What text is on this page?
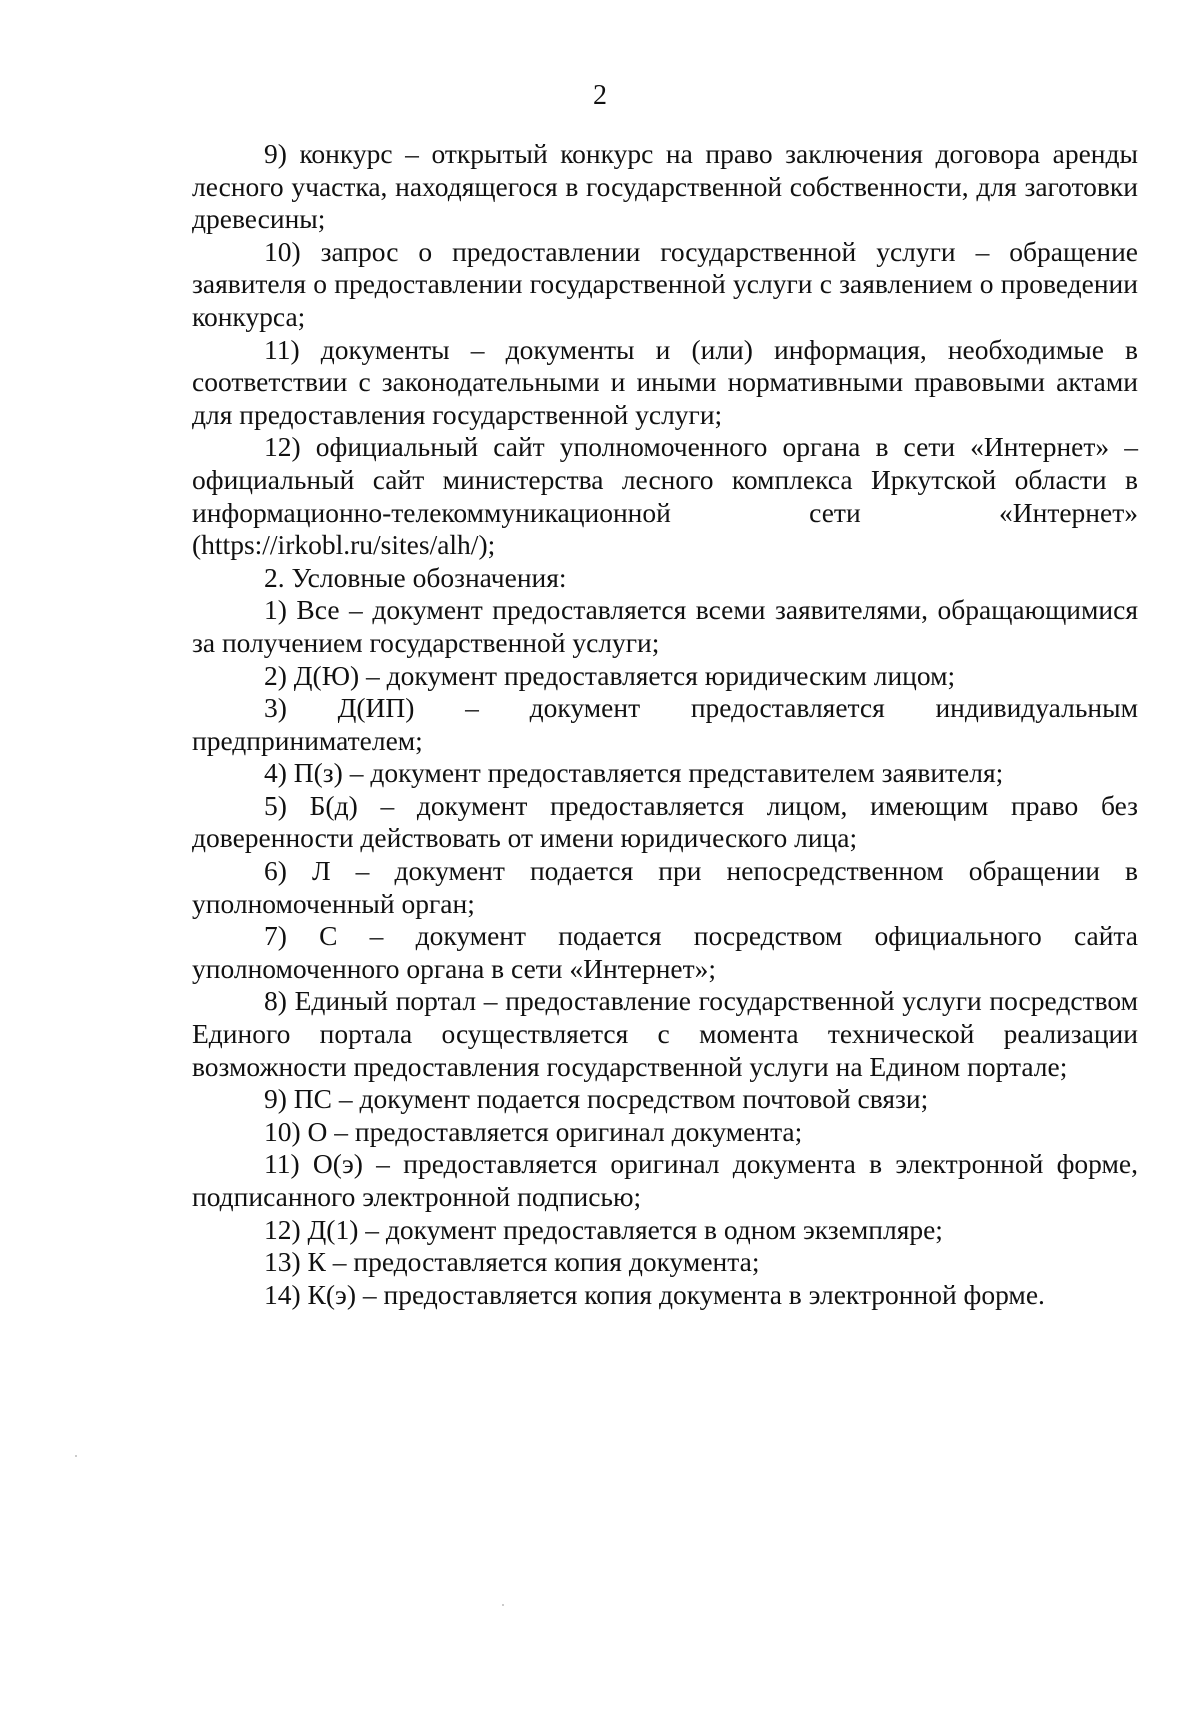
2

9) конкурс – открытый конкурс на право заключения договора аренды лесного участка, находящегося в государственной собственности, для заготовки древесины;

10) запрос о предоставлении государственной услуги – обращение заявителя о предоставлении государственной услуги с заявлением о проведении конкурса;

11) документы – документы и (или) информация, необходимые в соответствии с законодательными и иными нормативными правовыми актами для предоставления государственной услуги;

12) официальный сайт уполномоченного органа в сети «Интернет» – официальный сайт министерства лесного комплекса Иркутской области в информационно-телекоммуникационной сети «Интернет» (https://irkobl.ru/sites/alh/);

2. Условные обозначения:

1) Все – документ предоставляется всеми заявителями, обращающимися за получением государственной услуги;

2) Д(Ю) – документ предоставляется юридическим лицом;

3) Д(ИП) – документ предоставляется индивидуальным предпринимателем;

4) П(з) – документ предоставляется представителем заявителя;

5) Б(д) – документ предоставляется лицом, имеющим право без доверенности действовать от имени юридического лица;

6) Л – документ подается при непосредственном обращении в уполномоченный орган;

7) С – документ подается посредством официального сайта уполномоченного органа в сети «Интернет»;

8) Единый портал – предоставление государственной услуги посредством Единого портала осуществляется с момента технической реализации возможности предоставления государственной услуги на Едином портале;

9) ПС – документ подается посредством почтовой связи;

10) О – предоставляется оригинал документа;

11) О(э) – предоставляется оригинал документа в электронной форме, подписанного электронной подписью;

12) Д(1) – документ предоставляется в одном экземпляре;

13) К – предоставляется копия документа;

14) К(э) – предоставляется копия документа в электронной форме.
